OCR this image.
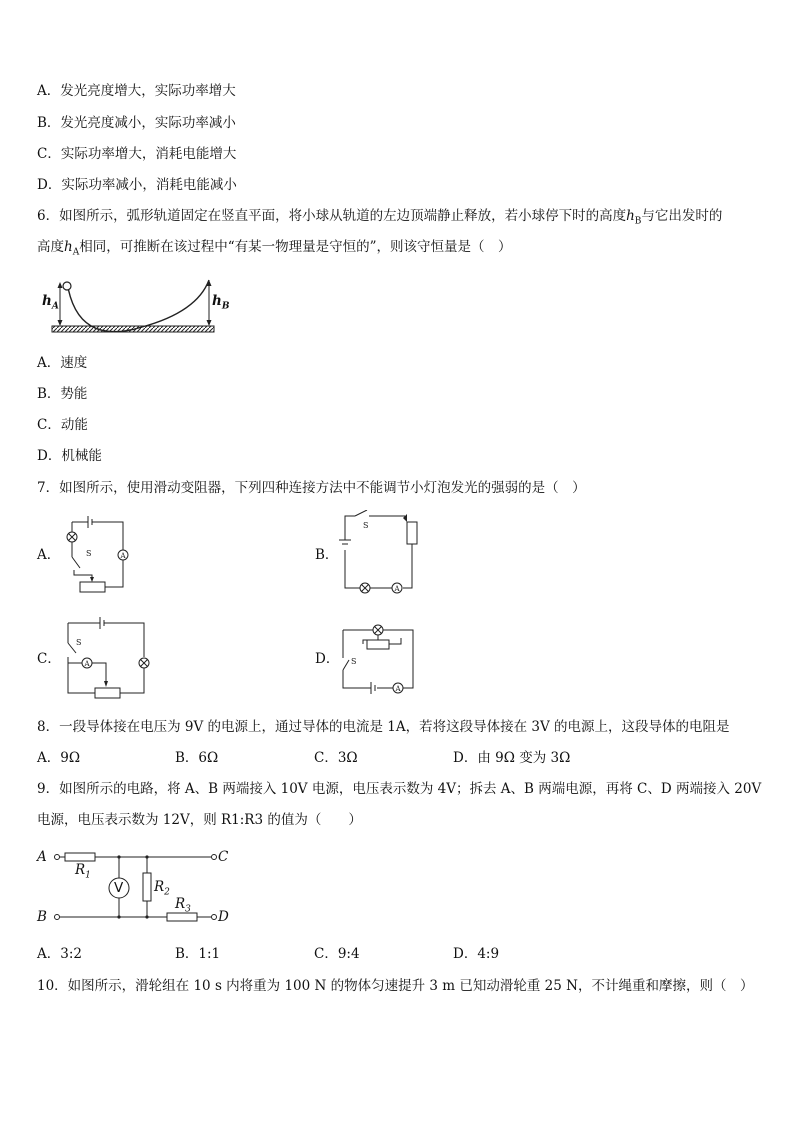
A．发光亮度增大，实际功率增大
B．发光亮度减小，实际功率减小
C．实际功率增大，消耗电能增大
D．实际功率减小，消耗电能减小
6．如图所示，弧形轨道固定在竖直平面，将小球从轨道的左边顶端静止释放，若小球停下时的高度$h_B$与它出发时的
高度$h_A$相同，可推断在该过程中“有某一物理量是守恒的”，则该守恒量是（　）
$h_A$	$h_B$
A．速度
B．势能
C．动能
D．机械能
7．如图所示，使用滑动变阻器，下列四种连接方法中不能调节小灯泡发光的强弱的是（　）
A．	A
S	B．
S
A
C．
S
A	D．
A
S
8．一段导体接在电压为 9V 的电源上，通过导体的电流是 1A，若将这段导体接在 3V 的电源上，这段导体的电阻是
A．9Ω	B．6Ω	C．3Ω	D．由 9Ω 变为 3Ω
9．如图所示的电路，将 A、B 两端接入 10V 电源，电压表示数为 4V；拆去 A、B 两端电源，再将 C、D 两端接入 20V
电源，电压表示数为 12V，则 R1:R3 的值为（　　）
A
B
C
D
$R_1$
$R_2$
$R_3$
V
A．3:2	B．1:1	C．9:4	D．4:9
10．如图所示，滑轮组在 10 s 内将重为 100 N 的物体匀速提升 3 m 已知动滑轮重 25 N，不计绳重和摩擦，则（　）
